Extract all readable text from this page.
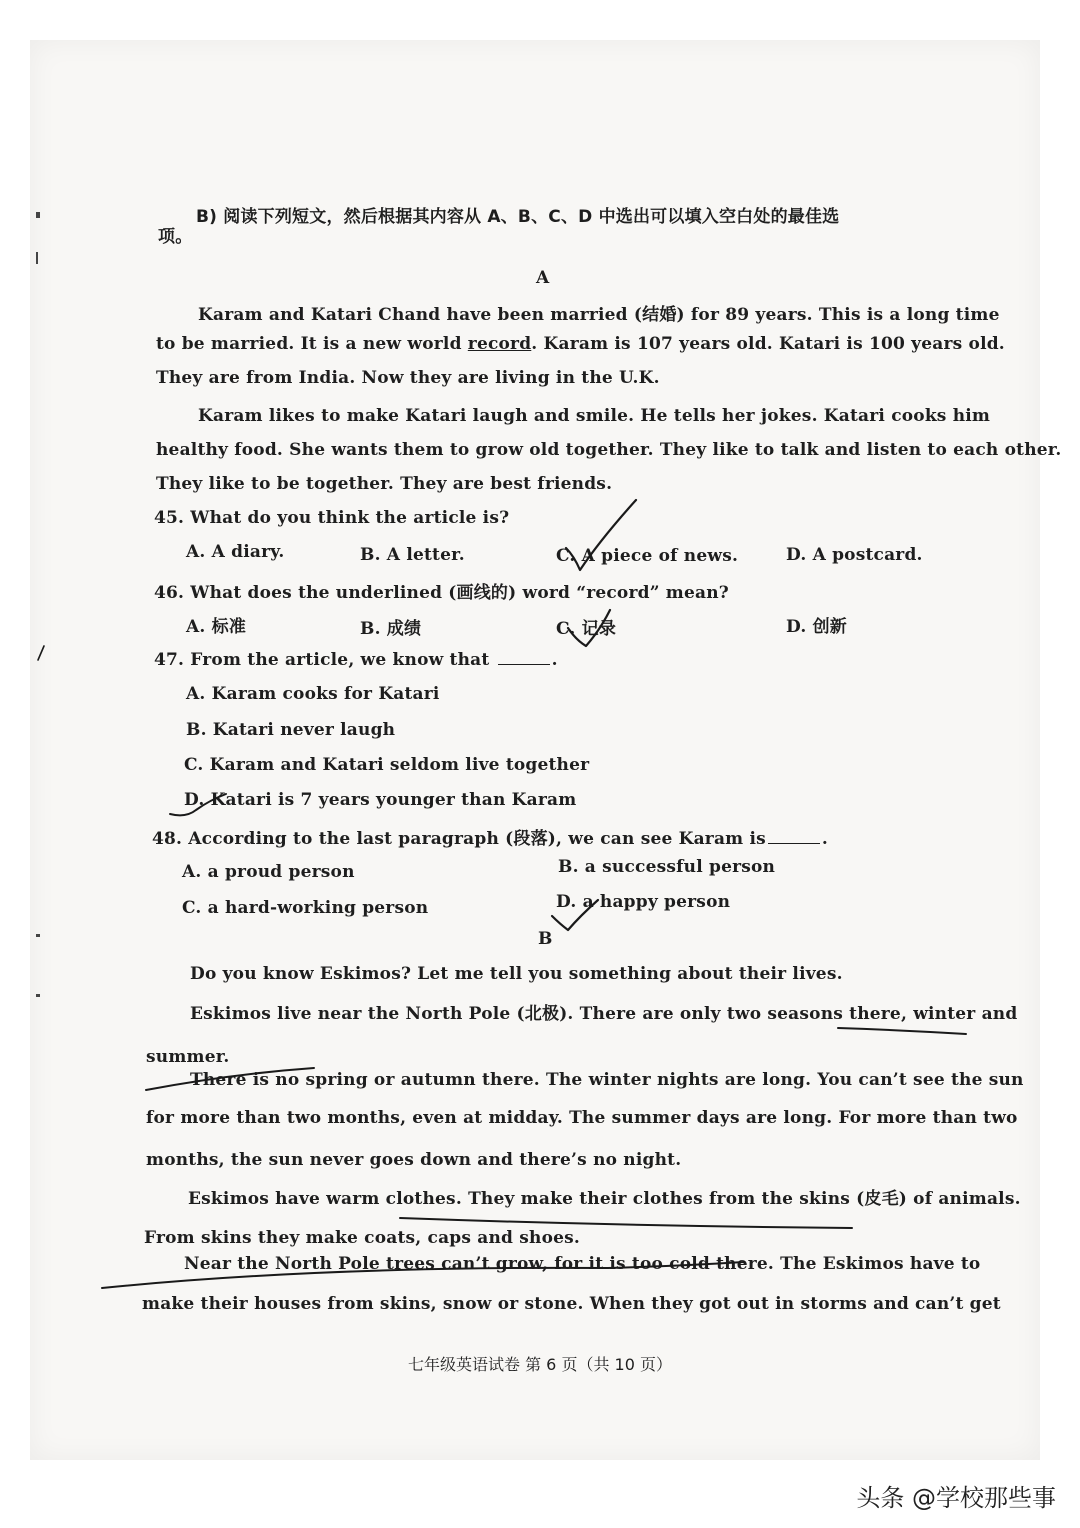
B) 阅读下列短文，然后根据其内容从 A、B、C、D 中选出可以填入空白处的最佳选
项。
A
Karam and Katari Chand have been married (结婚) for 89 years. This is a long time
to be married. It is a new world record. Karam is 107 years old. Katari is 100 years old.
They are from India. Now they are living in the U.K.
Karam likes to make Katari laugh and smile. He tells her jokes. Katari cooks him
healthy food. She wants them to grow old together. They like to talk and listen to each other.
They like to be together. They are best friends.
45. What do you think the article is?
A. A diary.	B. A letter.	C. A piece of news.	D. A postcard.
46. What does the underlined (画线的) word “record” mean?
A. 标准	B. 成绩	C. 记录	D. 创新
47. From the article, we know that	.
A. Karam cooks for Katari
B. Katari never laugh
C. Karam and Katari seldom live together
D. Katari is 7 years younger than Karam
48. According to the last paragraph (段落), we can see Karam is	.
A. a proud person	B. a successful person
C. a hard-working person	D. a happy person
B
Do you know Eskimos? Let me tell you something about their lives.
Eskimos live near the North Pole (北极). There are only two seasons there, winter and
summer.
There is no spring or autumn there. The winter nights are long. You can’t see the sun
for more than two months, even at midday. The summer days are long. For more than two
months, the sun never goes down and there’s no night.
Eskimos have warm clothes. They make their clothes from the skins (皮毛) of animals.
From skins they make coats, caps and shoes.
Near the North Pole trees can’t grow, for it is too cold there. The Eskimos have to
make their houses from skins, snow or stone. When they got out in storms and can’t get
七年级英语试卷 第 6 页（共 10 页）
头条 @学校那些事
